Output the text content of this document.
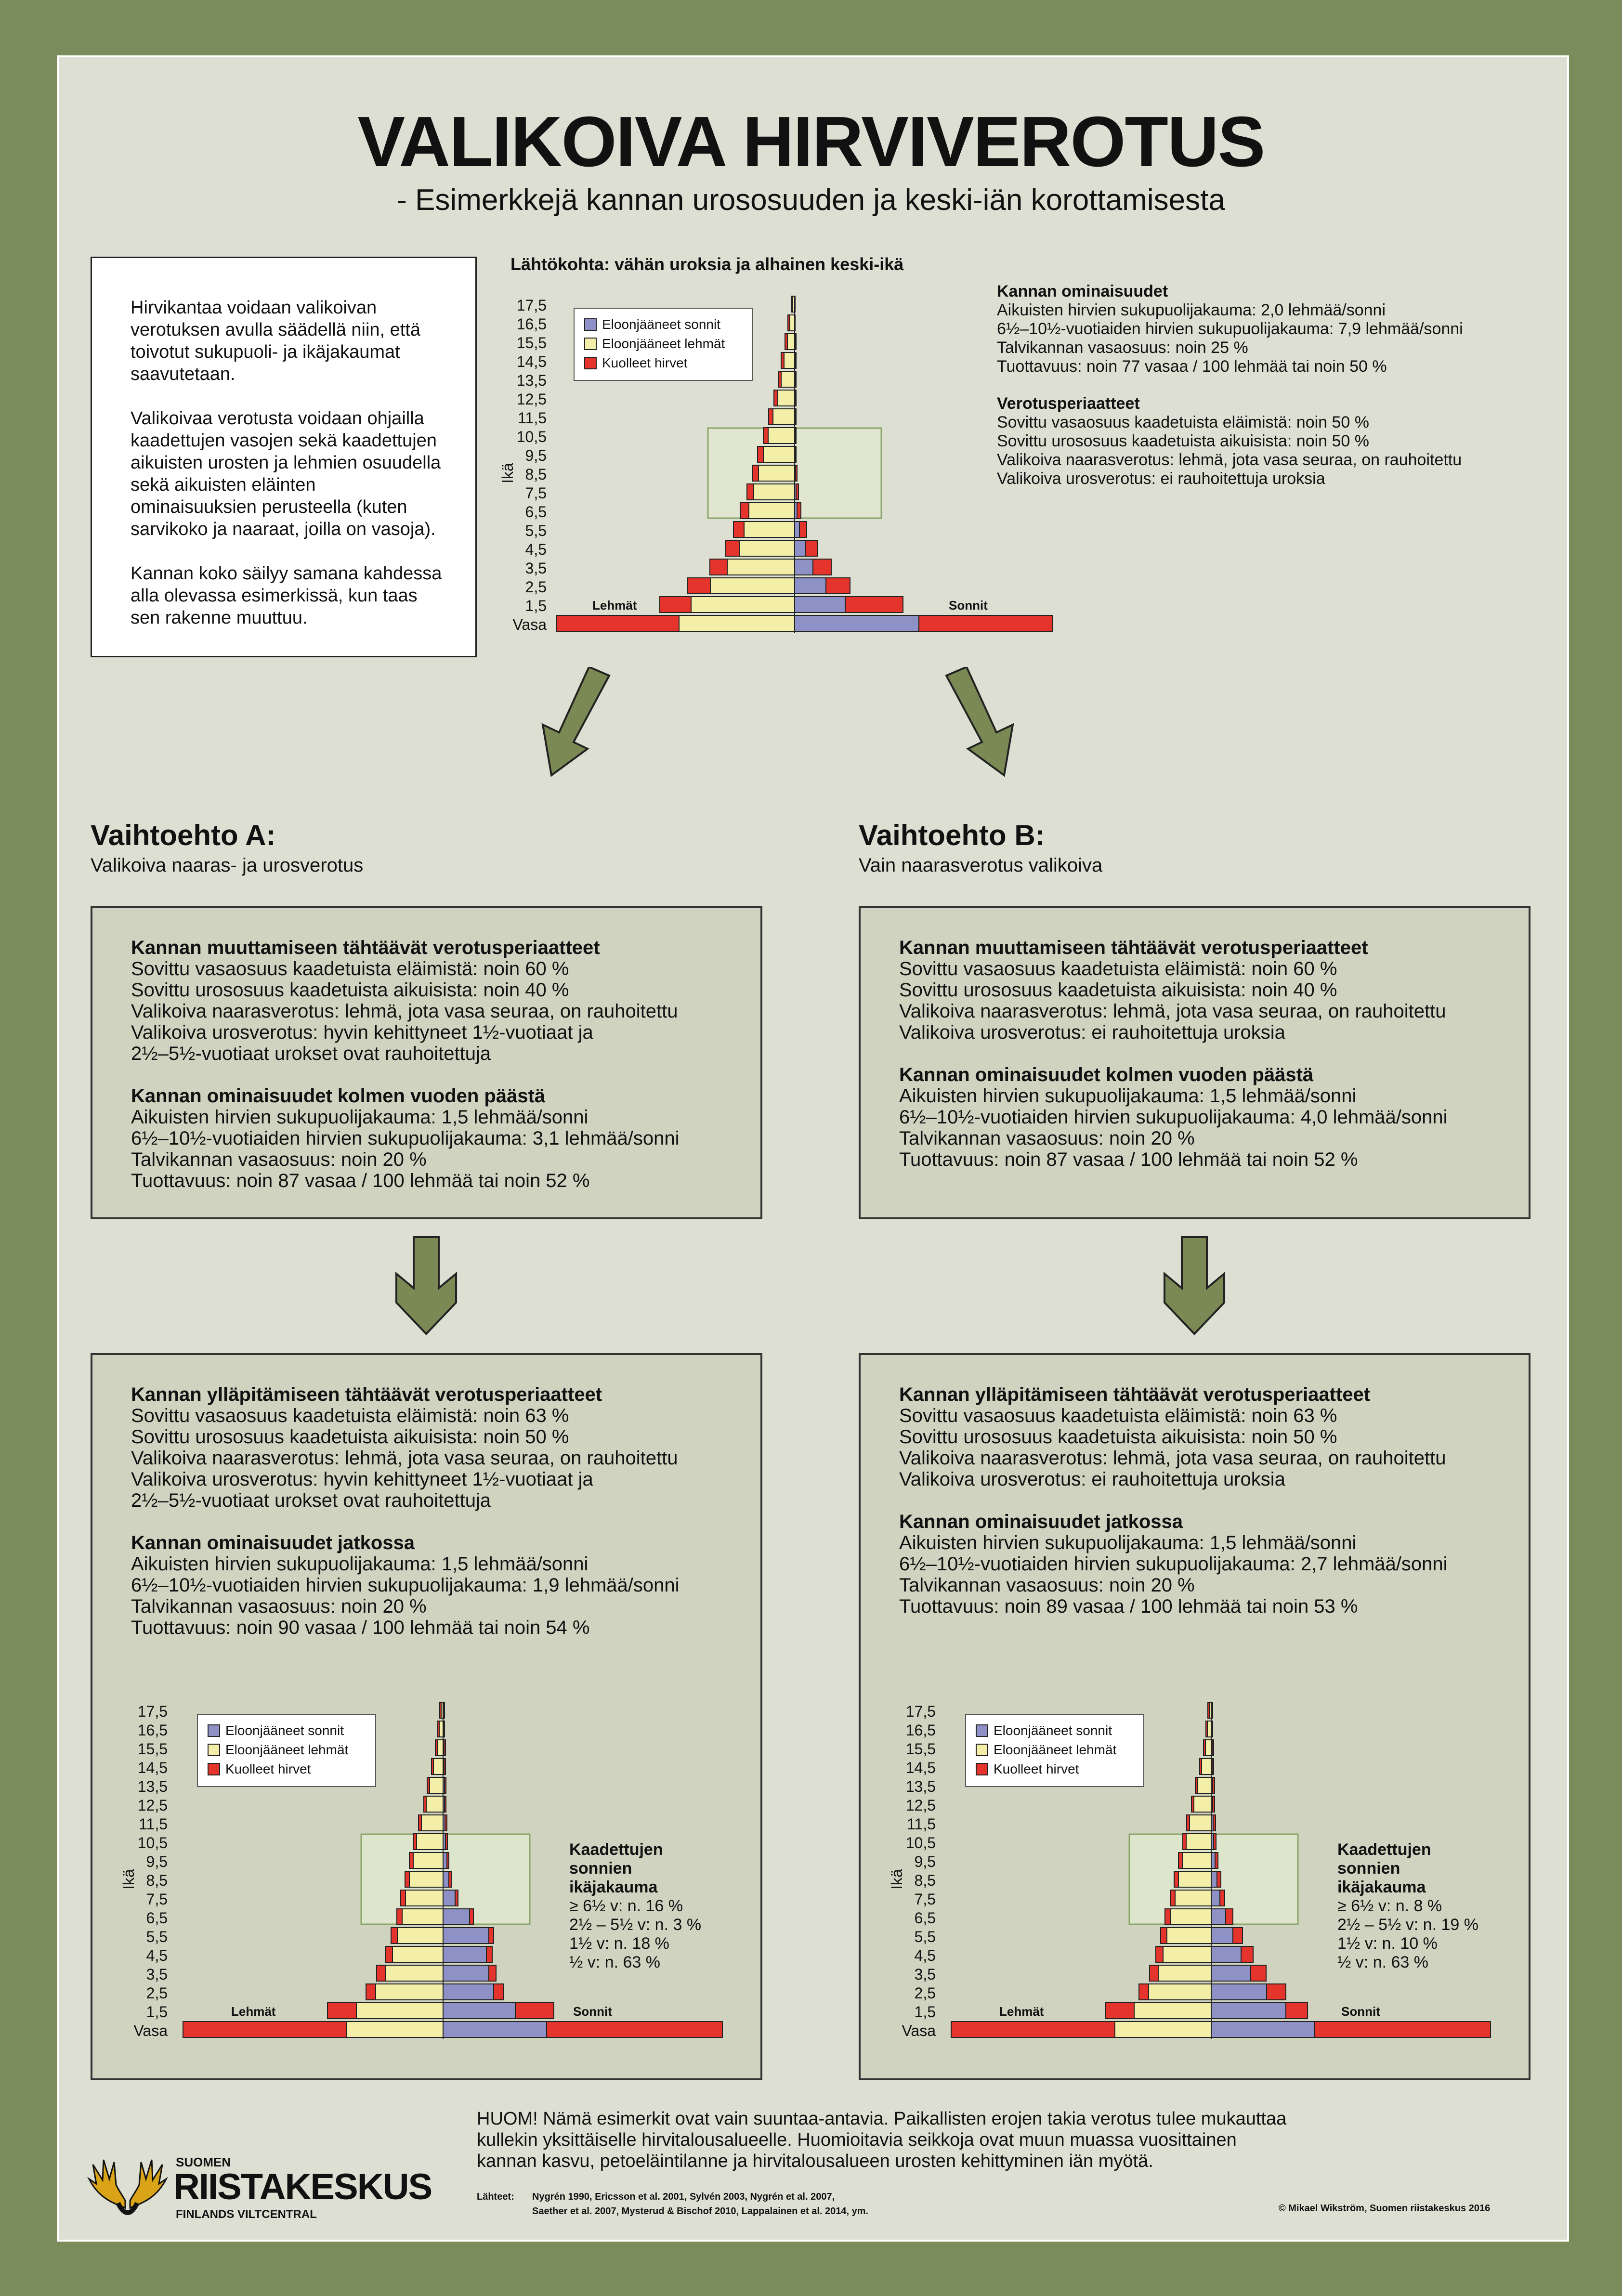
VALIKOIVA HIRVIVEROTUS
- Esimerkkejä kannan urososuuden ja keski-iän korottamisesta

Hirvikantaa voidaan valikoivan verotuksen avulla säädellä niin, että toivotut sukupuoli- ja ikäjakaumat saavutetaan.

Valikoivaa verotusta voidaan ohjailla kaadettujen vasojen sekä kaadettujen aikuisten urosten ja lehmien osuudella sekä aikuisten eläinten ominaisuuksien perusteella (kuten sarvikoko ja naaraat, joilla on vasoja).

Kannan koko säilyy samana kahdessa alla olevassa esimerkissä, kun taas sen rakenne muuttuu.

Lähtökohta: vähän uroksia ja alhainen keski-ikä
Vasa
1,5
2,5
3,5
4,5
5,5
6,5
7,5
8,5
9,5
10,5
11,5
12,5
13,5
14,5
15,5
16,5
17,5
Ikä
Lehmät	Sonnit
Eloonjääneet sonnit
Eloonjääneet lehmät
Kuolleet hirvet
Kannan ominaisuudet
Aikuisten hirvien sukupuolijakauma: 2,0 lehmää/sonni
6½–10½-vuotiaiden hirvien sukupuolijakauma: 7,9 lehmää/sonni
Talvikannan vasaosuus: noin 25 %
Tuottavuus: noin 77 vasaa / 100 lehmää tai noin 50 %
Verotusperiaatteet
Sovittu vasaosuus kaadetuista eläimistä: noin 50 %
Sovittu urososuus kaadetuista aikuisista: noin 50 %
Valikoiva naarasverotus: lehmä, jota vasa seuraa, on rauhoitettu
Valikoiva urosverotus: ei rauhoitettuja uroksia
Vaihtoehto A:
Valikoiva naaras- ja urosverotus
Vaihtoehto B:
Vain naarasverotus valikoiva
Kannan muuttamiseen tähtäävät verotusperiaatteet
Sovittu vasaosuus kaadetuista eläimistä: noin 60 %
Sovittu urososuus kaadetuista aikuisista: noin 40 %
Valikoiva naarasverotus: lehmä, jota vasa seuraa, on rauhoitettu
Valikoiva urosverotus: hyvin kehittyneet 1½-vuotiaat ja
2½–5½-vuotiaat urokset ovat rauhoitettuja
Kannan ominaisuudet kolmen vuoden päästä
Aikuisten hirvien sukupuolijakauma: 1,5 lehmää/sonni
6½–10½-vuotiaiden hirvien sukupuolijakauma: 3,1 lehmää/sonni
Talvikannan vasaosuus: noin 20 %
Tuottavuus: noin 87 vasaa / 100 lehmää tai noin 52 %
Kannan muuttamiseen tähtäävät verotusperiaatteet
Sovittu vasaosuus kaadetuista eläimistä: noin 60 %
Sovittu urososuus kaadetuista aikuisista: noin 40 %
Valikoiva naarasverotus: lehmä, jota vasa seuraa, on rauhoitettu
Valikoiva urosverotus: ei rauhoitettuja uroksia
Kannan ominaisuudet kolmen vuoden päästä
Aikuisten hirvien sukupuolijakauma: 1,5 lehmää/sonni
6½–10½-vuotiaiden hirvien sukupuolijakauma: 4,0 lehmää/sonni
Talvikannan vasaosuus: noin 20 %
Tuottavuus: noin 87 vasaa / 100 lehmää tai noin 52 %
Kannan ylläpitämiseen tähtäävät verotusperiaatteet
Sovittu vasaosuus kaadetuista eläimistä: noin 63 %
Sovittu urososuus kaadetuista aikuisista: noin 50 %
Valikoiva naarasverotus: lehmä, jota vasa seuraa, on rauhoitettu
Valikoiva urosverotus: hyvin kehittyneet 1½-vuotiaat ja
2½–5½-vuotiaat urokset ovat rauhoitettuja
Kannan ominaisuudet jatkossa
Aikuisten hirvien sukupuolijakauma: 1,5 lehmää/sonni
6½–10½-vuotiaiden hirvien sukupuolijakauma: 1,9 lehmää/sonni
Talvikannan vasaosuus: noin 20 %
Tuottavuus: noin 90 vasaa / 100 lehmää tai noin 54 %
Vasa
1,5
2,5
3,5
4,5
5,5
6,5
7,5
8,5
9,5
10,5
11,5
12,5
13,5
14,5
15,5
16,5
17,5
Ikä
Lehmät	Sonnit
Eloonjääneet sonnit
Eloonjääneet lehmät
Kuolleet hirvet
Kaadettujen
sonnien
ikäjakauma
≥ 6½ v: n. 16 %
2½ – 5½ v: n. 3 %
1½ v: n. 18 %
½ v: n. 63 %
Kannan ylläpitämiseen tähtäävät verotusperiaatteet
Sovittu vasaosuus kaadetuista eläimistä: noin 63 %
Sovittu urososuus kaadetuista aikuisista: noin 50 %
Valikoiva naarasverotus: lehmä, jota vasa seuraa, on rauhoitettu
Valikoiva urosverotus: ei rauhoitettuja uroksia
Kannan ominaisuudet jatkossa
Aikuisten hirvien sukupuolijakauma: 1,5 lehmää/sonni
6½–10½-vuotiaiden hirvien sukupuolijakauma: 2,7 lehmää/sonni
Talvikannan vasaosuus: noin 20 %
Tuottavuus: noin 89 vasaa / 100 lehmää tai noin 53 %
Vasa
1,5
2,5
3,5
4,5
5,5
6,5
7,5
8,5
9,5
10,5
11,5
12,5
13,5
14,5
15,5
16,5
17,5
Ikä
Lehmät	Sonnit
Eloonjääneet sonnit
Eloonjääneet lehmät
Kuolleet hirvet
Kaadettujen
sonnien
ikäjakauma
≥ 6½ v: n. 8 %
2½ – 5½ v: n. 19 %
1½ v: n. 10 %
½ v: n. 63 %
HUOM! Nämä esimerkit ovat vain suuntaa-antavia. Paikallisten erojen takia verotus tulee mukauttaa
kullekin yksittäiselle hirvitalousalueelle. Huomioitavia seikkoja ovat muun muassa vuosittainen
kannan kasvu, petoeläintilanne ja hirvitalousalueen urosten kehittyminen iän myötä.
Lähteet: Nygrén 1990, Ericsson et al. 2001, Sylvén 2003, Nygrén et al. 2007,
Saether et al. 2007, Mysterud & Bischof 2010, Lappalainen et al. 2014, ym.	© Mikael Wikström, Suomen riistakeskus 2016
SUOMEN
RIISTAKESKUS
FINLANDS VILTCENTRAL
